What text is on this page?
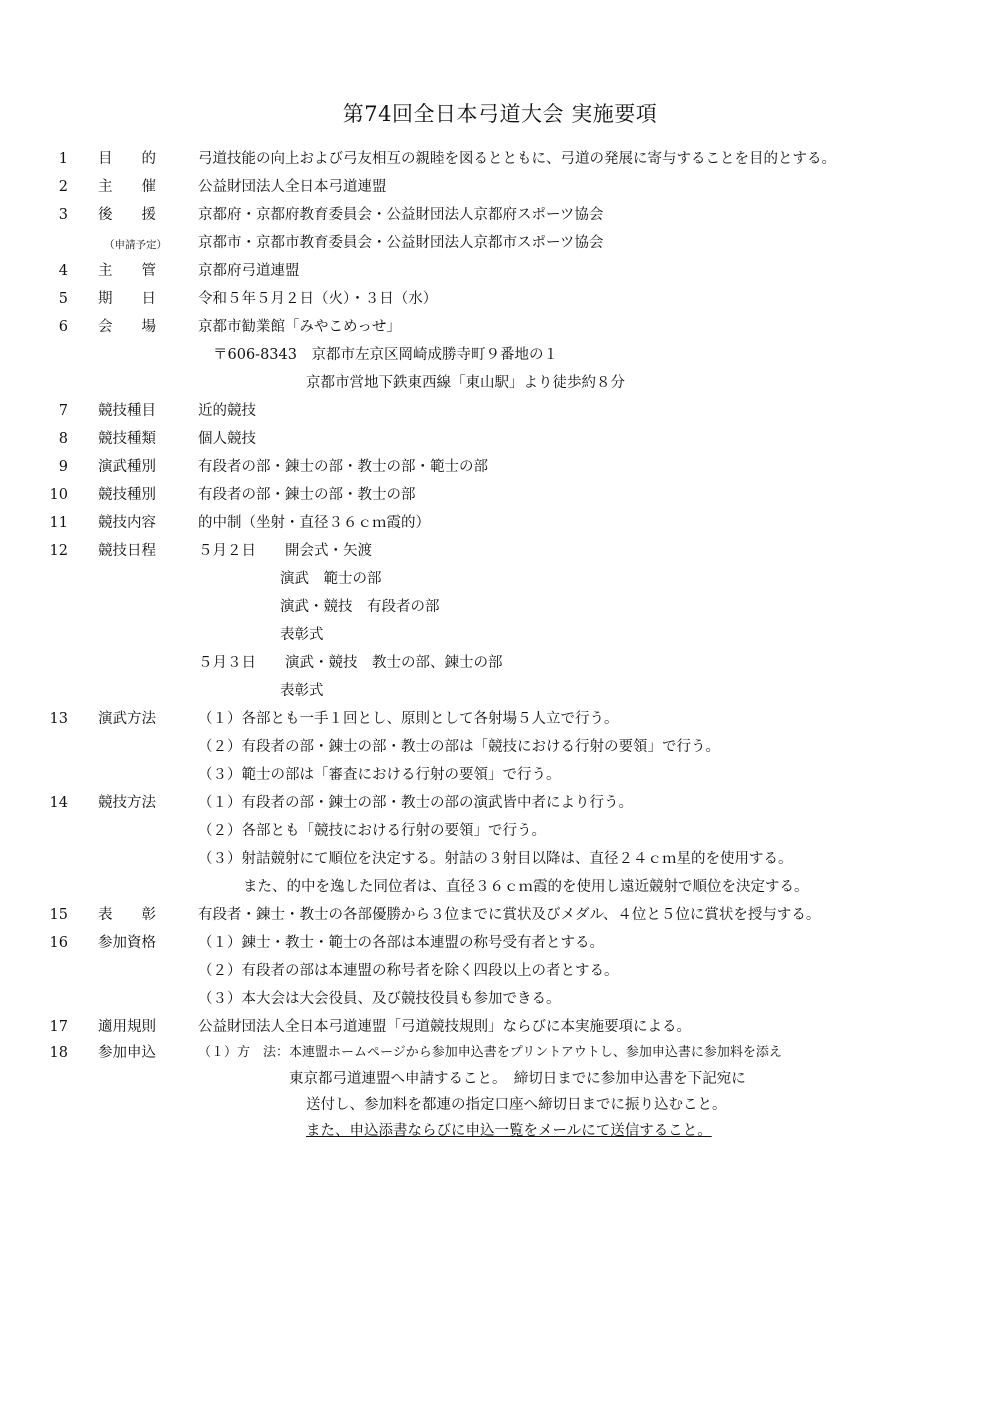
第74回全日本弓道大会 実施要項
1 目　　的	弓道技能の向上および弓友相互の親睦を図るとともに、弓道の発展に寄与することを目的とする。
2 主　　催	公益財団法人全日本弓道連盟
3 後　　援	京都府・京都府教育委員会・公益財団法人京都府スポーツ協会
（申請予定） 京都市・京都市教育委員会・公益財団法人京都市スポーツ協会
4 主　　管	京都府弓道連盟
5 期　　日	令和５年５月２日（火）・３日（水）
6 会　　場	京都市勧業館「みやこめっせ」
〒606-8343　京都市左京区岡崎成勝寺町９番地の１
京都市営地下鉄東西線「東山駅」より徒歩約８分
7 競技種目	近的競技
8 競技種類	個人競技
9 演武種別	有段者の部・錬士の部・教士の部・範士の部
10 競技種別	有段者の部・錬士の部・教士の部
11 競技内容	的中制（坐射・直径３６ｃｍ霞的）
12 競技日程	５月２日　　開会式・矢渡
演武　範士の部
演武・競技　有段者の部
表彰式
５月３日　　演武・競技　教士の部、錬士の部
表彰式
13 演武方法	（１）各部とも一手１回とし、原則として各射場５人立で行う。
（２）有段者の部・錬士の部・教士の部は「競技における行射の要領」で行う。
（３）範士の部は「審査における行射の要領」で行う。
14 競技方法	（１）有段者の部・錬士の部・教士の部の演武皆中者により行う。
（２）各部とも「競技における行射の要領」で行う。
（３）射詰競射にて順位を決定する。射詰の３射目以降は、直径２４ｃｍ星的を使用する。
また、的中を逸した同位者は、直径３６ｃｍ霞的を使用し遠近競射で順位を決定する。
15 表　　彰	有段者・錬士・教士の各部優勝から３位までに賞状及びメダル、４位と５位に賞状を授与する。
16 参加資格	（１）錬士・教士・範士の各部は本連盟の称号受有者とする。
（２）有段者の部は本連盟の称号者を除く四段以上の者とする。
（３）本大会は大会役員、及び競技役員も参加できる。
17 適用規則	公益財団法人全日本弓道連盟「弓道競技規則」ならびに本実施要項による。
18 参加申込	（１）方　法：本連盟ホームページから参加申込書をプリントアウトし、参加申込書に参加料を添え
東京都弓道連盟へ申請すること。　締切日までに参加申込書を下記宛に
送付し、参加料を都連の指定口座へ締切日までに振り込むこと。
また、申込添書ならびに申込一覧をメールにて送信すること。
